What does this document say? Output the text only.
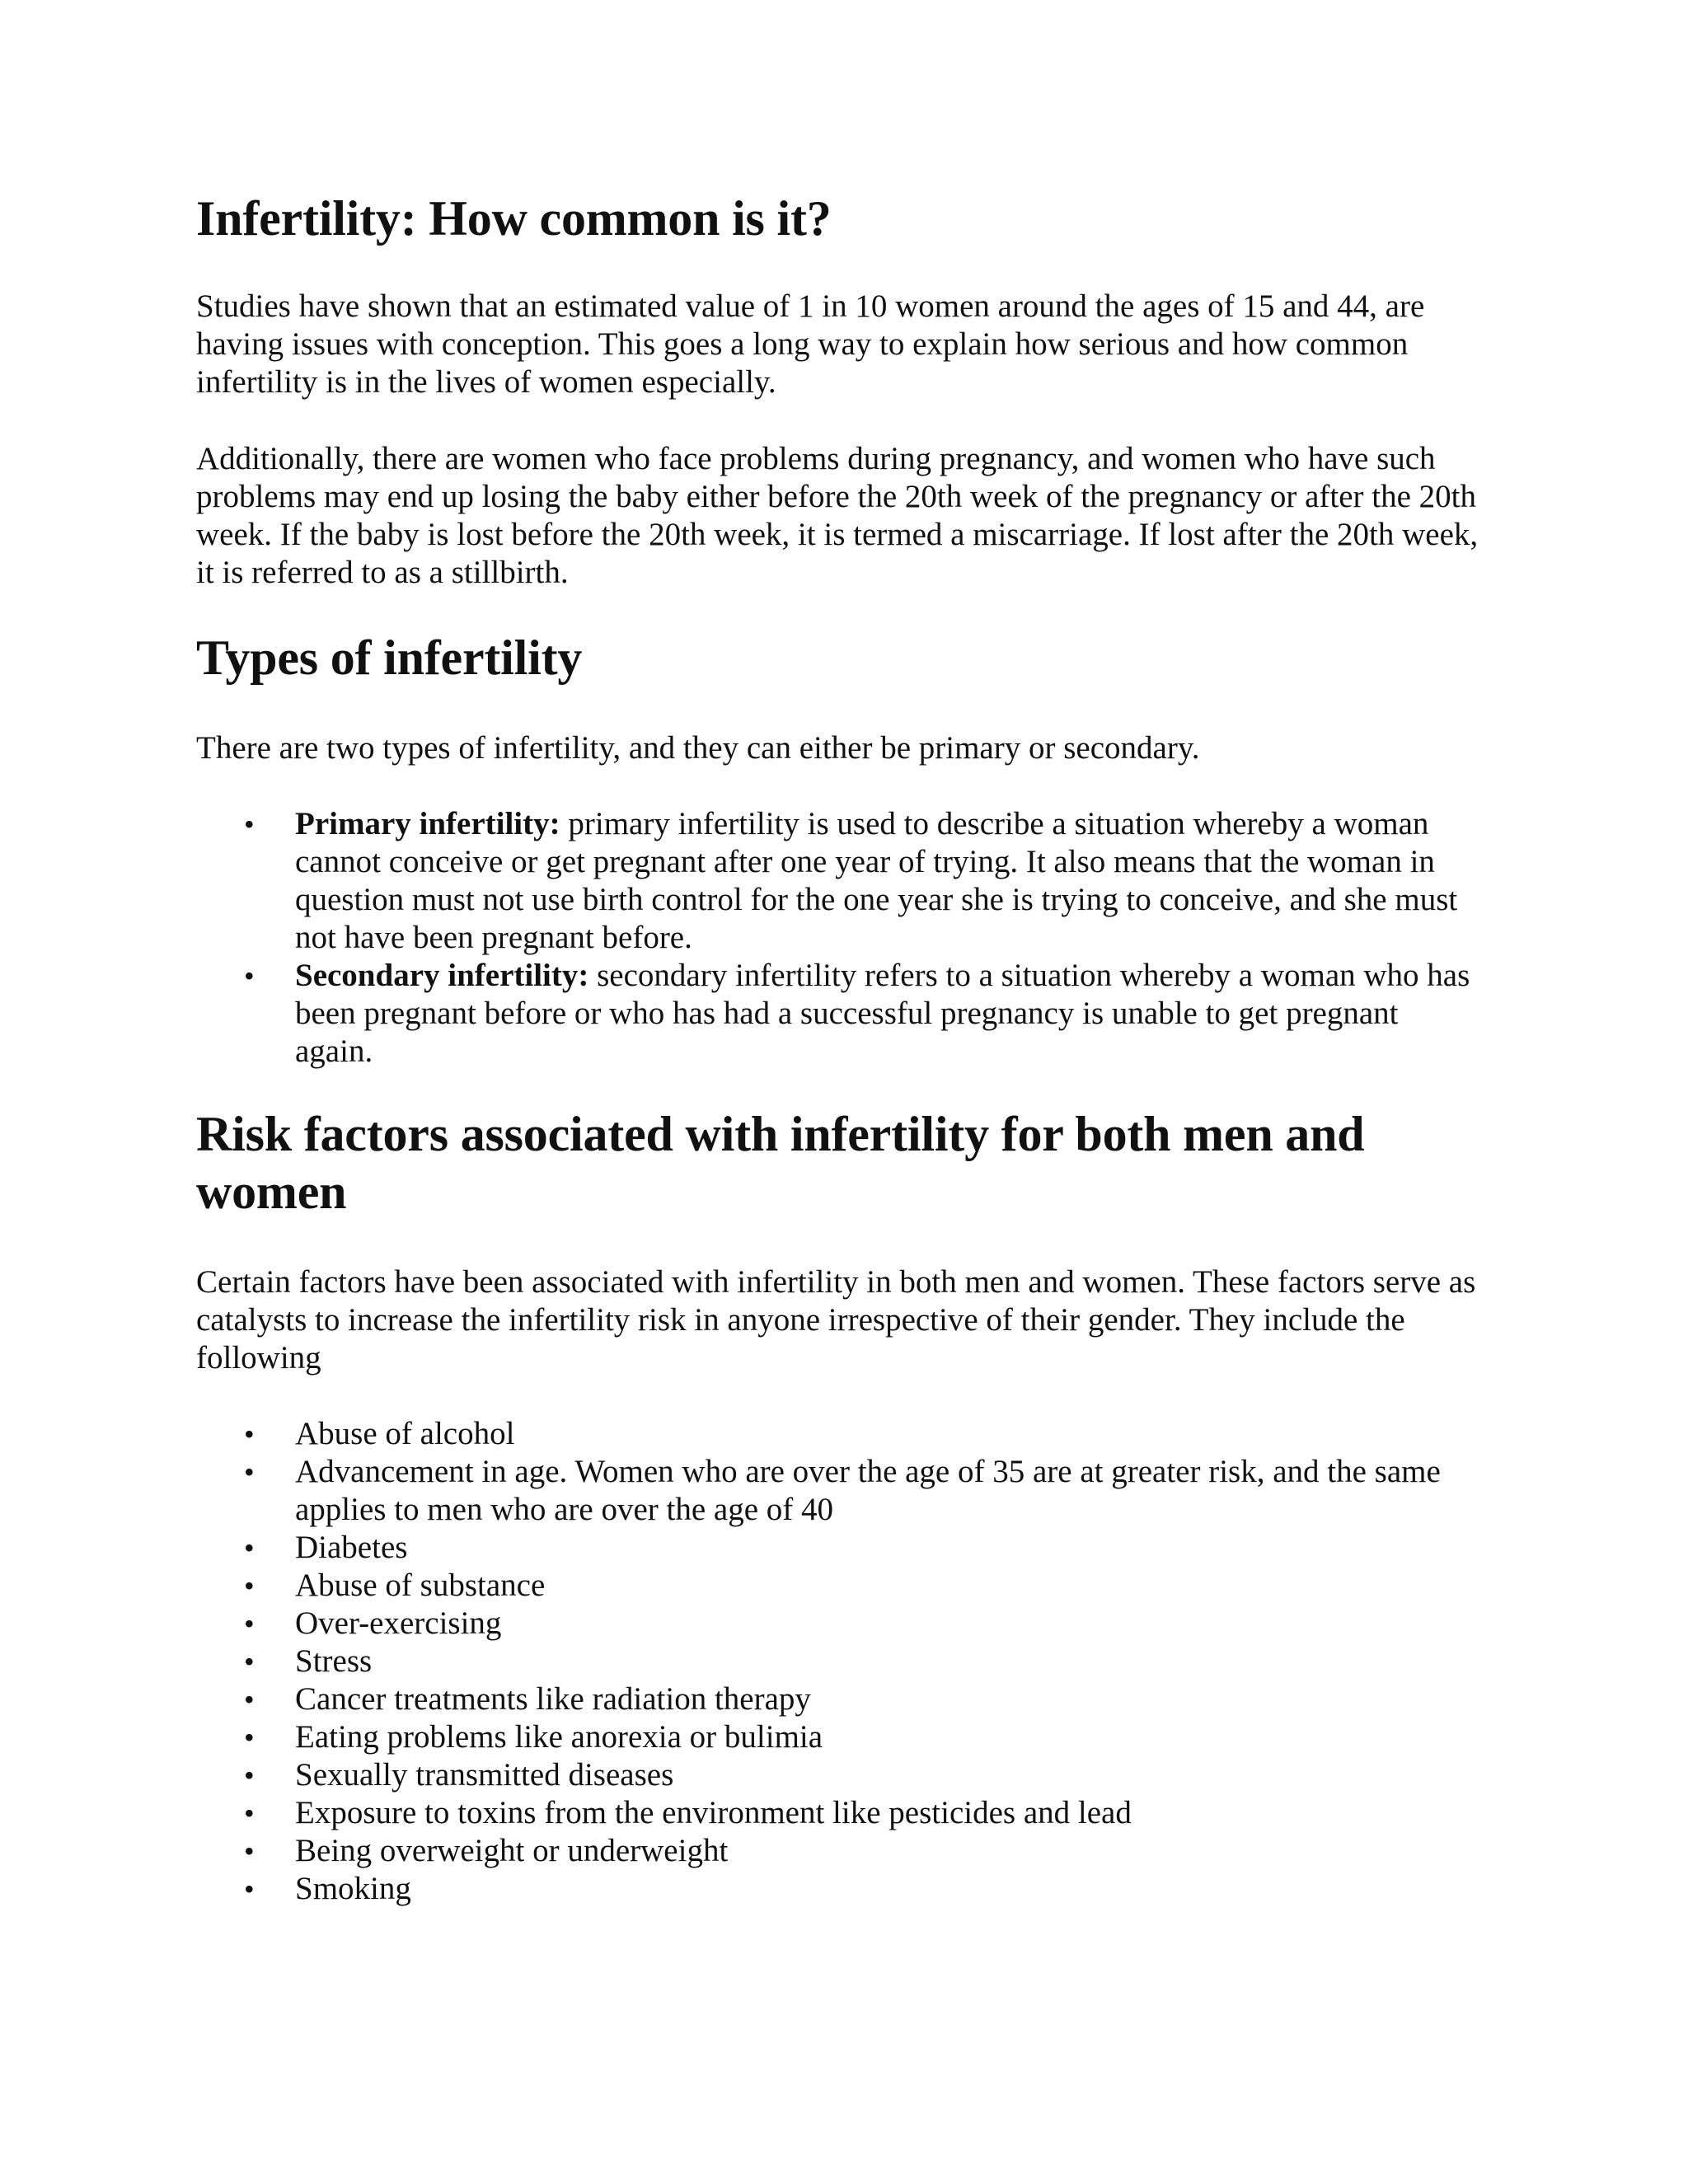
Infertility: How common is it?

Studies have shown that an estimated value of 1 in 10 women around the ages of 15 and 44, are having issues with conception. This goes a long way to explain how serious and how common infertility is in the lives of women especially.

Additionally, there are women who face problems during pregnancy, and women who have such problems may end up losing the baby either before the 20th week of the pregnancy or after the 20th week. If the baby is lost before the 20th week, it is termed a miscarriage. If lost after the 20th week, it is referred to as a stillbirth.

Types of infertility

There are two types of infertility, and they can either be primary or secondary.

• Primary infertility: primary infertility is used to describe a situation whereby a woman cannot conceive or get pregnant after one year of trying. It also means that the woman in question must not use birth control for the one year she is trying to conceive, and she must not have been pregnant before.
• Secondary infertility: secondary infertility refers to a situation whereby a woman who has been pregnant before or who has had a successful pregnancy is unable to get pregnant again.
Risk factors associated with infertility for both men and women

Certain factors have been associated with infertility in both men and women. These factors serve as catalysts to increase the infertility risk in anyone irrespective of their gender. They include the following

• Abuse of alcohol
• Advancement in age. Women who are over the age of 35 are at greater risk, and the same applies to men who are over the age of 40
• Diabetes
• Abuse of substance
• Over-exercising
• Stress
• Cancer treatments like radiation therapy
• Eating problems like anorexia or bulimia
• Sexually transmitted diseases
• Exposure to toxins from the environment like pesticides and lead
• Being overweight or underweight
• Smoking
